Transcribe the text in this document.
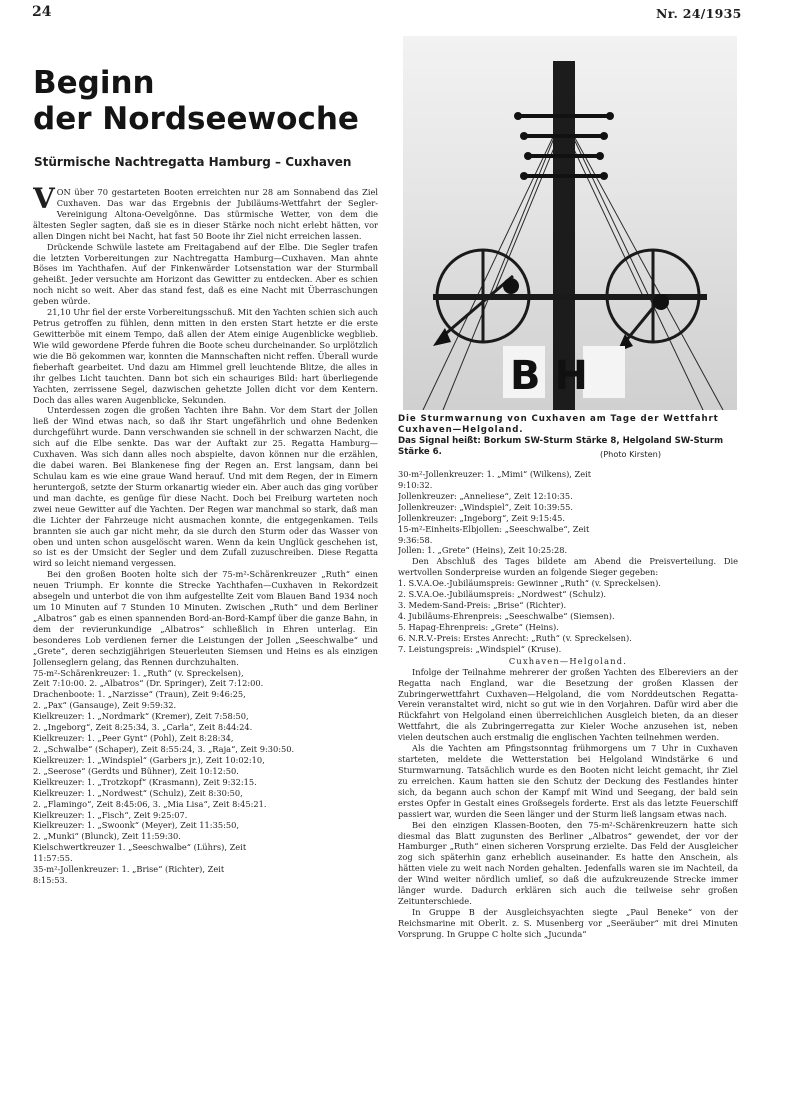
24	Nr. 24/1935
Beginn
der Nordseewoche
Stürmische Nachtregatta Hamburg – Cuxhaven

VON über 70 gestarteten Booten erreichten nur 28 am Sonnabend das Ziel Cuxhaven. Das war das Ergebnis der Jubiläums-Wettfahrt der Segler-Vereinigung Altona-Oevelgönne. Das stürmische Wetter, von dem die ältesten Segler sagten, daß sie es in dieser Stärke noch nicht erlebt hätten, vor allen Dingen nicht bei Nacht, hat fast 50 Boote ihr Ziel nicht erreichen lassen.

Drückende Schwüle lastete am Freitagabend auf der Elbe. Die Segler trafen die letzten Vorbereitungen zur Nachtregatta Hamburg—Cuxhaven. Man ahnte Böses im Yachthafen. Auf der Finkenwärder Lotsenstation war der Sturmball geheißt. Jeder versuchte am Horizont das Gewitter zu entdecken. Aber es schien noch nicht so weit. Aber das stand fest, daß es eine Nacht mit Überraschungen geben würde.

21,10 Uhr fiel der erste Vorbereitungsschuß. Mit den Yachten schien sich auch Petrus getroffen zu fühlen, denn mitten in den ersten Start hetzte er die erste Gewitterböe mit einem Tempo, daß allen der Atem einige Augenblicke wegblieb. Wie wild gewordene Pferde fuhren die Boote scheu durcheinander. So urplötzlich wie die Bö gekommen war, konnten die Mannschaften nicht reffen. Überall wurde fieberhaft gearbeitet. Und dazu am Himmel grell leuchtende Blitze, die alles in ihr gelbes Licht tauchten. Dann bot sich ein schauriges Bild: hart überliegende Yachten, zerrissene Segel, dazwischen gehetzte Jollen dicht vor dem Kentern. Doch das alles waren Augenblicke, Sekunden.

Unterdessen zogen die großen Yachten ihre Bahn. Vor dem Start der Jollen ließ der Wind etwas nach, so daß ihr Start ungefährlich und ohne Bedenken durchgeführt wurde. Dann verschwanden sie schnell in der schwarzen Nacht, die sich auf die Elbe senkte. Das war der Auftakt zur 25. Regatta Hamburg—Cuxhaven. Was sich dann alles noch abspielte, davon können nur die erzählen, die dabei waren. Bei Blankenese fing der Regen an. Erst langsam, dann bei Schulau kam es wie eine graue Wand herauf. Und mit dem Regen, der in Eimern heruntergoß, setzte der Sturm orkanartig wieder ein. Aber auch das ging vorüber und man dachte, es genüge für diese Nacht. Doch bei Freiburg warteten noch zwei neue Gewitter auf die Yachten. Der Regen war manchmal so stark, daß man die Lichter der Fahrzeuge nicht ausmachen konnte, die entgegenkamen. Teils brannten sie auch gar nicht mehr, da sie durch den Sturm oder das Wasser von oben und unten schon ausgelöscht waren. Wenn da kein Unglück geschehen ist, so ist es der Umsicht der Segler und dem Zufall zuzuschreiben. Diese Regatta wird so leicht niemand vergessen.

Bei den großen Booten holte sich der 75-m²-Schärenkreuzer „Ruth“ einen neuen Triumph. Er konnte die Strecke Yachthafen—Cuxhaven in Rekordzeit absegeln und unterbot die von ihm aufgestellte Zeit vom Blauen Band 1934 noch um 10 Minuten auf 7 Stunden 10 Minuten. Zwischen „Ruth“ und dem Berliner „Albatros“ gab es einen spannenden Bord-an-Bord-Kampf über die ganze Bahn, in dem der revierunkundige „Albatros“ schließlich in Ehren unterlag. Ein besonderes Lob verdienen ferner die Leistungen der Jollen „Seeschwalbe“ und „Grete“, deren sechzigjährigen Steuerleuten Siemsen und Heins es als einzigen Jollenseglern gelang, das Rennen durchzuhalten.

75-m²-Schärenkreuzer: 1. „Ruth“ (v. Spreckelsen),
Zeit 7:10:00. 2. „Albatros“ (Dr. Springer), Zeit 7:12:00.
Drachenboote: 1. „Narzisse“ (Traun), Zeit 9:46:25,
2. „Pax“ (Gansauge), Zeit 9:59:32.
Kielkreuzer: 1. „Nordmark“ (Kremer), Zeit 7:58:50,
2. „Ingeborg“, Zeit 8:25:34, 3. „Carla“, Zeit 8:44:24.
Kielkreuzer: 1. „Peer Gynt“ (Pohl), Zeit 8:28:34,
2. „Schwalbe“ (Schaper), Zeit 8:55:24, 3. „Raja“, Zeit 9:30:50.
Kielkreuzer: 1. „Windspiel“ (Garbers jr.), Zeit 10:02:10,
2. „Seerose“ (Gerdts und Bühner), Zeit 10:12:50.
Kielkreuzer: 1. „Trotzkopf“ (Krasmann), Zeit 9:32:15.
Kielkreuzer: 1. „Nordwest“ (Schulz), Zeit 8:30:50,
2. „Flamingo“, Zeit 8:45:06, 3. „Mia Lisa“, Zeit 8:45:21.
Kielkreuzer: 1. „Fisch“, Zeit 9:25:07.
Kielkreuzer: 1. „Swoonk“ (Meyer), Zeit 11:35:50,
2. „Munki“ (Blunck), Zeit 11:59:30.
Kielschwertkreuzer 1. „Seeschwalbe“ (Lührs), Zeit
11:57:55.
35-m²-Jollenkreuzer: 1. „Brise“ (Richter), Zeit
8:15:53.
B H
Die Sturmwarnung von Cuxhaven am Tage der Wettfahrt Cuxhaven—Helgoland.
Das Signal heißt: Borkum SW-Sturm Stärke 8, Helgoland SW-Sturm Stärke 6.	(Photo Kirsten)
30-m²-Jollenkreuzer: 1. „Mimi“ (Wilkens), Zeit
9:10:32.
Jollenkreuzer: „Anneliese“, Zeit 12:10:35.
Jollenkreuzer: „Windspiel“, Zeit 10:39:55.
Jollenkreuzer: „Ingeborg“, Zeit 9:15:45.
15-m²-Einheits-Elbjollen: „Seeschwalbe“, Zeit
9:36:58.
Jollen: 1. „Grete“ (Heins), Zeit 10:25:28.

Den Abschluß des Tages bildete am Abend die Preisverteilung. Die wertvollen Sonderpreise wurden an folgende Sieger gegeben:

1. S.V.A.Oe.-Jubiläumspreis: Gewinner „Ruth“ (v. Spreckelsen).
2. S.V.A.Oe.-Jubiläumspreis: „Nordwest“ (Schulz).
3. Medem-Sand-Preis: „Brise“ (Richter).
4. Jubiläums-Ehrenpreis: „Seeschwalbe“ (Siemsen).
5. Hapag-Ehrenpreis: „Grete“ (Heins).
6. N.R.V.-Preis: Erstes Anrecht: „Ruth“ (v. Spreckelsen).
7. Leistungspreis: „Windspiel“ (Kruse).
Cuxhaven—Helgoland.

Infolge der Teilnahme mehrerer der großen Yachten des Elbereviers an der Regatta nach England, war die Besetzung der großen Klassen der Zubringerwettfahrt Cuxhaven—Helgoland, die vom Norddeutschen Regatta-Verein veranstaltet wird, nicht so gut wie in den Vorjahren. Dafür wird aber die Rückfahrt von Helgoland einen überreichlichen Ausgleich bieten, da an dieser Wettfahrt, die als Zubringerregatta zur Kieler Woche anzusehen ist, neben vielen deutschen auch erstmalig die englischen Yachten teilnehmen werden.

Als die Yachten am Pfingstsonntag frühmorgens um 7 Uhr in Cuxhaven starteten, meldete die Wetterstation bei Helgoland Windstärke 6 und Sturmwarnung. Tatsächlich wurde es den Booten nicht leicht gemacht, ihr Ziel zu erreichen. Kaum hatten sie den Schutz der Deckung des Festlandes hinter sich, da begann auch schon der Kampf mit Wind und Seegang, der bald sein erstes Opfer in Gestalt eines Großsegels forderte. Erst als das letzte Feuerschiff passiert war, wurden die Seen länger und der Sturm ließ langsam etwas nach.

Bei den einzigen Klassen-Booten, den 75-m²-Schärenkreuzern hatte sich diesmal das Blatt zugunsten des Berliner „Albatros“ gewendet, der vor der Hamburger „Ruth“ einen sicheren Vorsprung erzielte. Das Feld der Ausgleicher zog sich späterhin ganz erheblich auseinander. Es hatte den Anschein, als hätten viele zu weit nach Norden gehalten. Jedenfalls waren sie im Nachteil, da der Wind weiter nördlich umlief, so daß die aufzukreuzende Strecke immer länger wurde. Dadurch erklären sich auch die teilweise sehr großen Zeitunterschiede.

In Gruppe B der Ausgleichsyachten siegte „Paul Beneke“ von der Reichsmarine mit Oberlt. z. S. Musenberg vor „Seeräuber“ mit drei Minuten Vorsprung. In Gruppe C holte sich „Jucunda“
